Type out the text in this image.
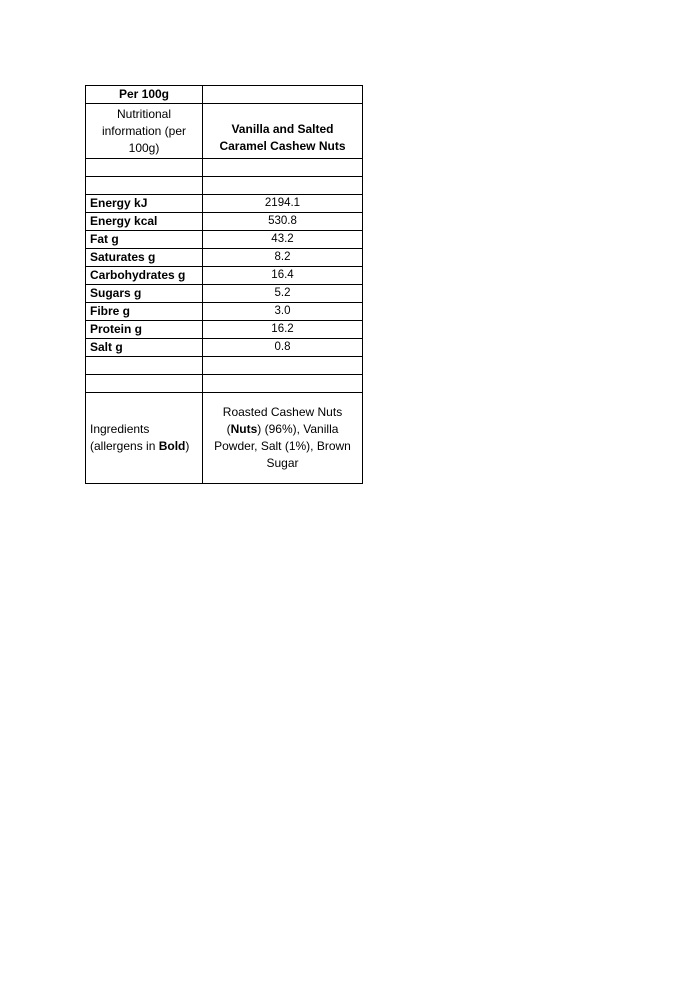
Per 100g	
Nutritional information (per 100g)	Vanilla and Salted Caramel Cashew Nuts

Energy kJ	2194.1
Energy kcal	530.8
Fat g	43.2
Saturates g	8.2
Carbohydrates g	16.4
Sugars g	5.2
Fibre g	3.0
Protein g	16.2
Salt g	0.8

Ingredients (allergens in Bold)	Roasted Cashew Nuts (Nuts) (96%), Vanilla Powder, Salt (1%), Brown Sugar
